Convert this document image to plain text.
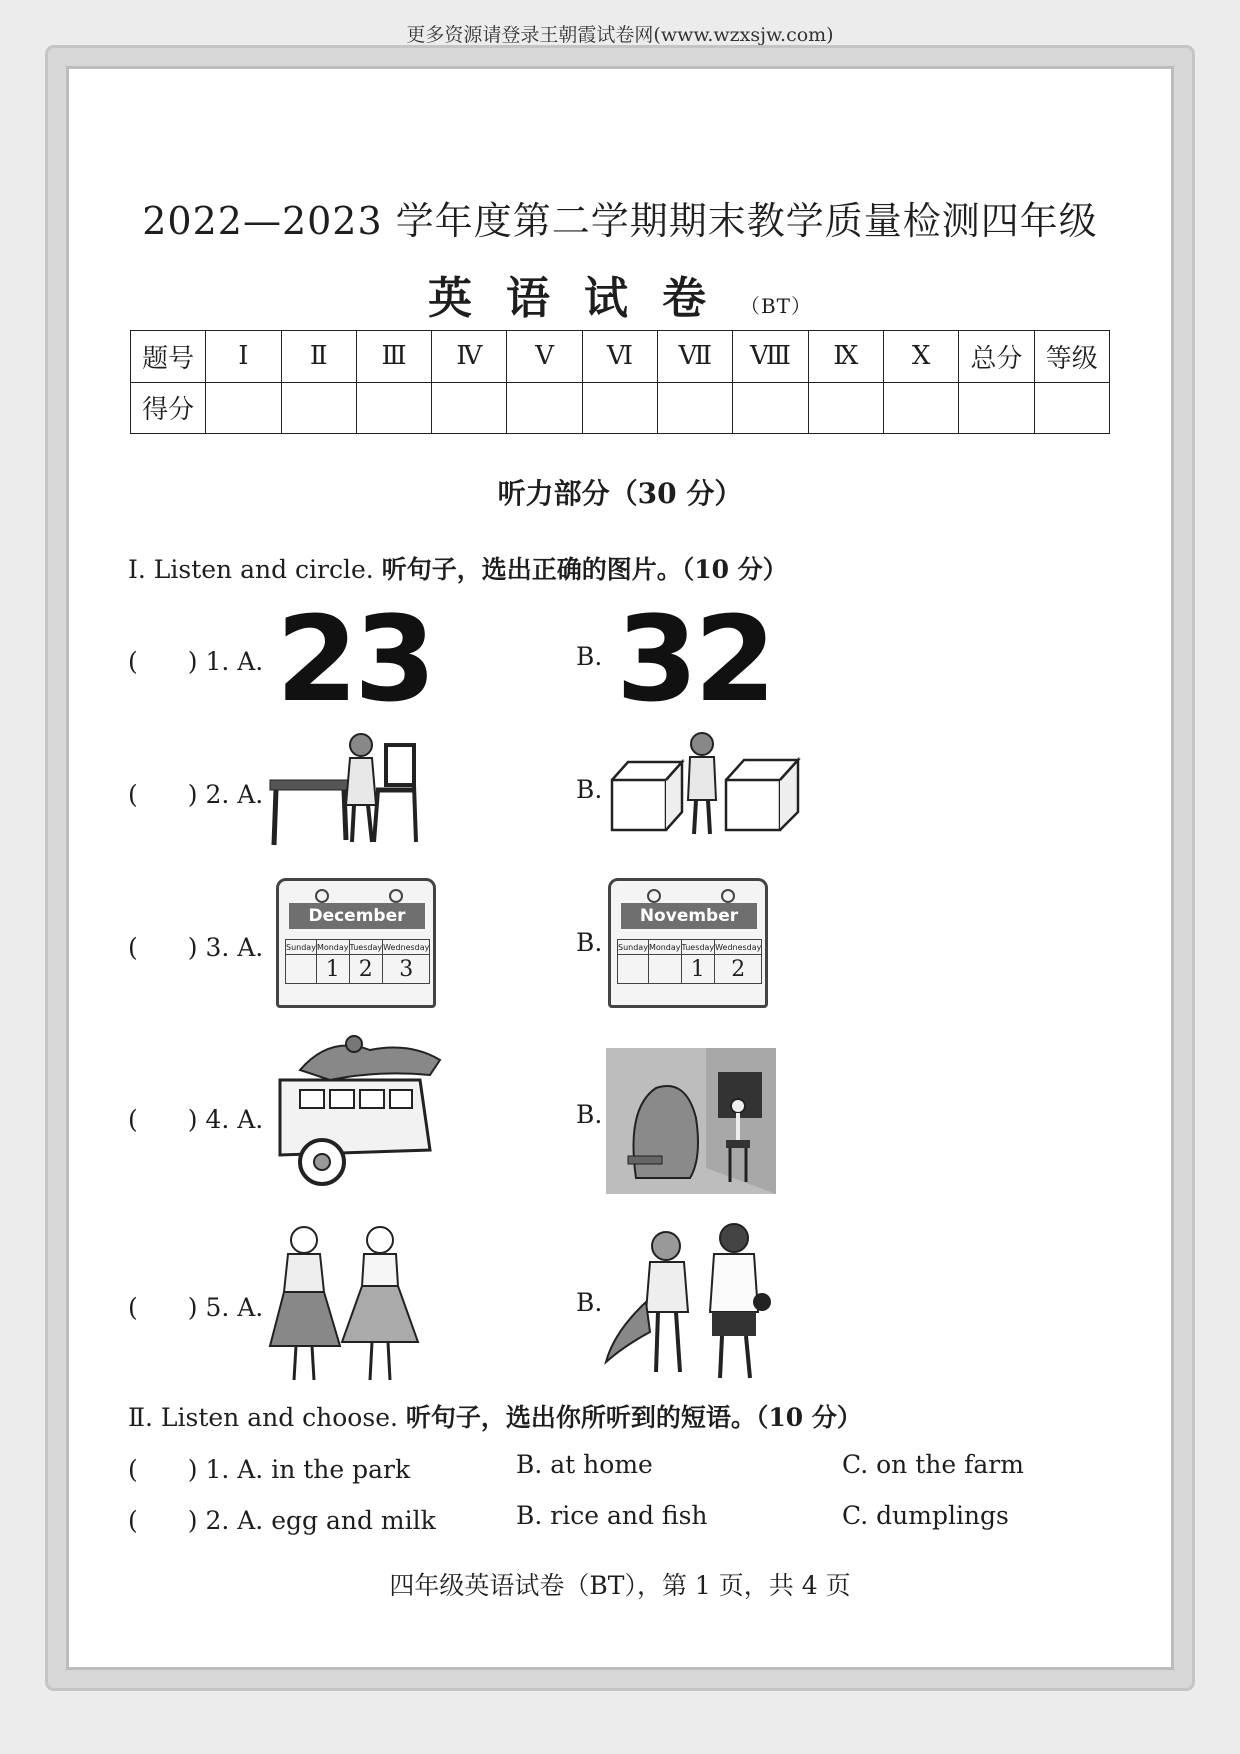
更多资源请登录王朝霞试卷网(www.wzxsjw.com)
2022—2023 学年度第二学期期末教学质量检测四年级
英语试卷（BT）
题号	Ⅰ	Ⅱ	Ⅲ	Ⅳ	Ⅴ	Ⅵ	Ⅶ	Ⅷ	Ⅸ	Ⅹ	总分	等级
得分												
听力部分（30 分）
Ⅰ. Listen and circle. 听句子，选出正确的图片。（10 分）
(　　) 1. A. 23	B. 32
(　　) 2. A.	B.
(　　) 3. A.
December
Sunday	Monday	Tuesday	Wednesday
	1	2	3
B.
November
Sunday	Monday	Tuesday	Wednesday
		1	2
(　　) 4. A.	B.
(　　) 5. A.	B.
Ⅱ. Listen and choose. 听句子，选出你所听到的短语。（10 分）
(　　) 1. A. in the park	B. at home	C. on the farm
(　　) 2. A. egg and milk	B. rice and fish	C. dumplings
四年级英语试卷（BT），第 1 页，共 4 页
